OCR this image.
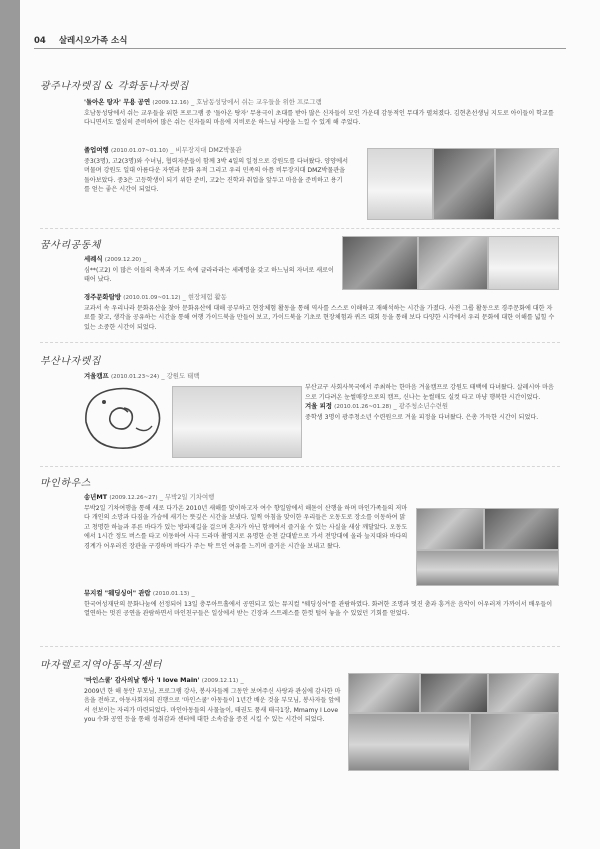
04 살레시오가족 소식
광주나자렛집 & 각화동나자렛집

'돌아온 탕자' 무용 공연 (2009.12.16) _ 호남동성당에서 쉬는 교우들을 위한 프로그램

호남동성당에서 쉬는 교우들을 위한 프로그램 중 '돌아온 탕자' 무용극이 초대를 받아 많은 신자들이 모인 가운데 감동적인 무대가 펼쳐졌다. 김현촌선생님 지도로 아이들이 학교를 다니면서도 열심히 준비하여 많은 쉬는 신자들의 마음에 지비로운 하느님 사랑을 느낄 수 있게 해 주었다.

졸업여행 (2010.01.07~01.10) _ 비무장지대 DMZ박물관

중3(3명), 고2(3명)와 수녀님, 협력자분들이 함께 3박 4일의 일정으로 강원도를 다녀왔다. 양양에서 머물며 강원도 일대 아름다운 자연과 문화 유적 그리고 우리 민족의 아픔 비무장지대 DMZ박물관을 돌아보았다. 중3은 고등학생이 되기 위한 준비, 고2는 진학과 취업을 앞두고 마음을 준비하고 용기를 얻는 좋은 시간이 되었다.

꿈사리공동체

세례식 (2009.12.20) _

심**(고2) 이 많은 이들의 축복과 기도 속에 글라라라는 세례명을 갖고 하느님의 자녀로 새로이 태어 났다.

경주문화탐방 (2010.01.09~01.12) _ 현장체험 활동

교과서 속 우리나라 문화유산을 찾아 문화유산에 대해 공부하고 현장체험 활동을 통해 역사를 스스로 이해하고 재해석하는 시간을 가졌다. 사전 그룹 활동으로 경주문화에 대한 자료를 찾고, 생각을 공유하는 시간을 통해 여행 가이드북을 만들어 보고, 가이드북을 기초로 현장체험과 퀴즈 대회 등을 통해 보다 다양한 시각에서 우리 문화에 대한 이해를 넓힐 수 있는 소중한 시간이 되었다.

부산나자렛집

겨울캠프 (2010.01.23~24) _ 강원도 태백

부산교구 사회사목국에서 주최하는 한마음 겨울캠프로 강원도 태백에 다녀왔다. 살레시아 마음으로 기다려온 눈썰매장으로의 캠프, 신나는 눈썰매도 실컷 타고 마냥 행복한 시간이었다.

겨울 피정 (2010.01.26~01.28) _ 광주청소년수련원

중학생 3명이 광주청소년 수련원으로 겨울 피정을 다녀왔다. 은총 가득한 시간이 되었다.

마인하우스

송년MT (2009.12.26~27) _ 무박2일 기차여행

무박2일 기차여행을 통해 새로 다가온 2010년 새해를 맞이하고자 여수 향일암에서 해돋이 산행을 하며 마인가족들의 저마다 개인의 소망과 다짐을 가슴에 새기는 뜻깊은 시간을 보냈다. 일찍 아침을 맞이한 우리들은 오동도로 장소를 이동하여 맑고 청명한 하늘과 푸른 바다가 있는 방파제길을 걸으며 혼자가 아닌 함께여서 즐거울 수 있는 사실을 새삼 깨달았다. 오동도에서 1시간 정도 버스를 타고 이동하여 사극 드라마 촬영지로 유명한 순천 갈대밭으로 가서 전망대에 올라 늪지대와 바다의 경계가 어우러진 장관을 구경하며 바다가 주는 탁 트인 여유를 느끼며 즐거운 시간을 보내고 왔다.

뮤지컬 "웨딩싱어" 관람 (2010.01.13) _

한국여성재단의 문화나눔에 선정되어 13일 충무아트홀에서 공연되고 있는 뮤지컬 "웨딩싱어"를 관람하였다. 화려한 조명과 멋진 춤과 흥겨운 음악이 어우러져 가까이서 배우들이 열연하는 멋진 공연을 관람하면서 마인친구들은 일상에서 받는 긴장과 스트레스를 한껏 털어 놓을 수 있었던 기회를 얻었다.

마자렐로지역아동복지센터

'마인스쿨' 감사의날 행사 'I love Main' (2009.12.11) _

2009년 한 해 동안 부모님, 프로그램 강사, 봉사자들께 그동안 보여주신 사랑과 관심에 감사한 마음을 전하고, 아동사회자의 진행으로 '마인스쿨' 아동들이 1년간 배운 것을 부모님, 봉사자들 앞에서 선보이는 자리가 마련되었다. 마인아동들의 사물놀이, 태권도 품새 태극1장, Mmamy I Love you 수화 공연 등을 통해 성취감과 센터에 대한 소속감을 증진 시킬 수 있는 시간이 되었다.
